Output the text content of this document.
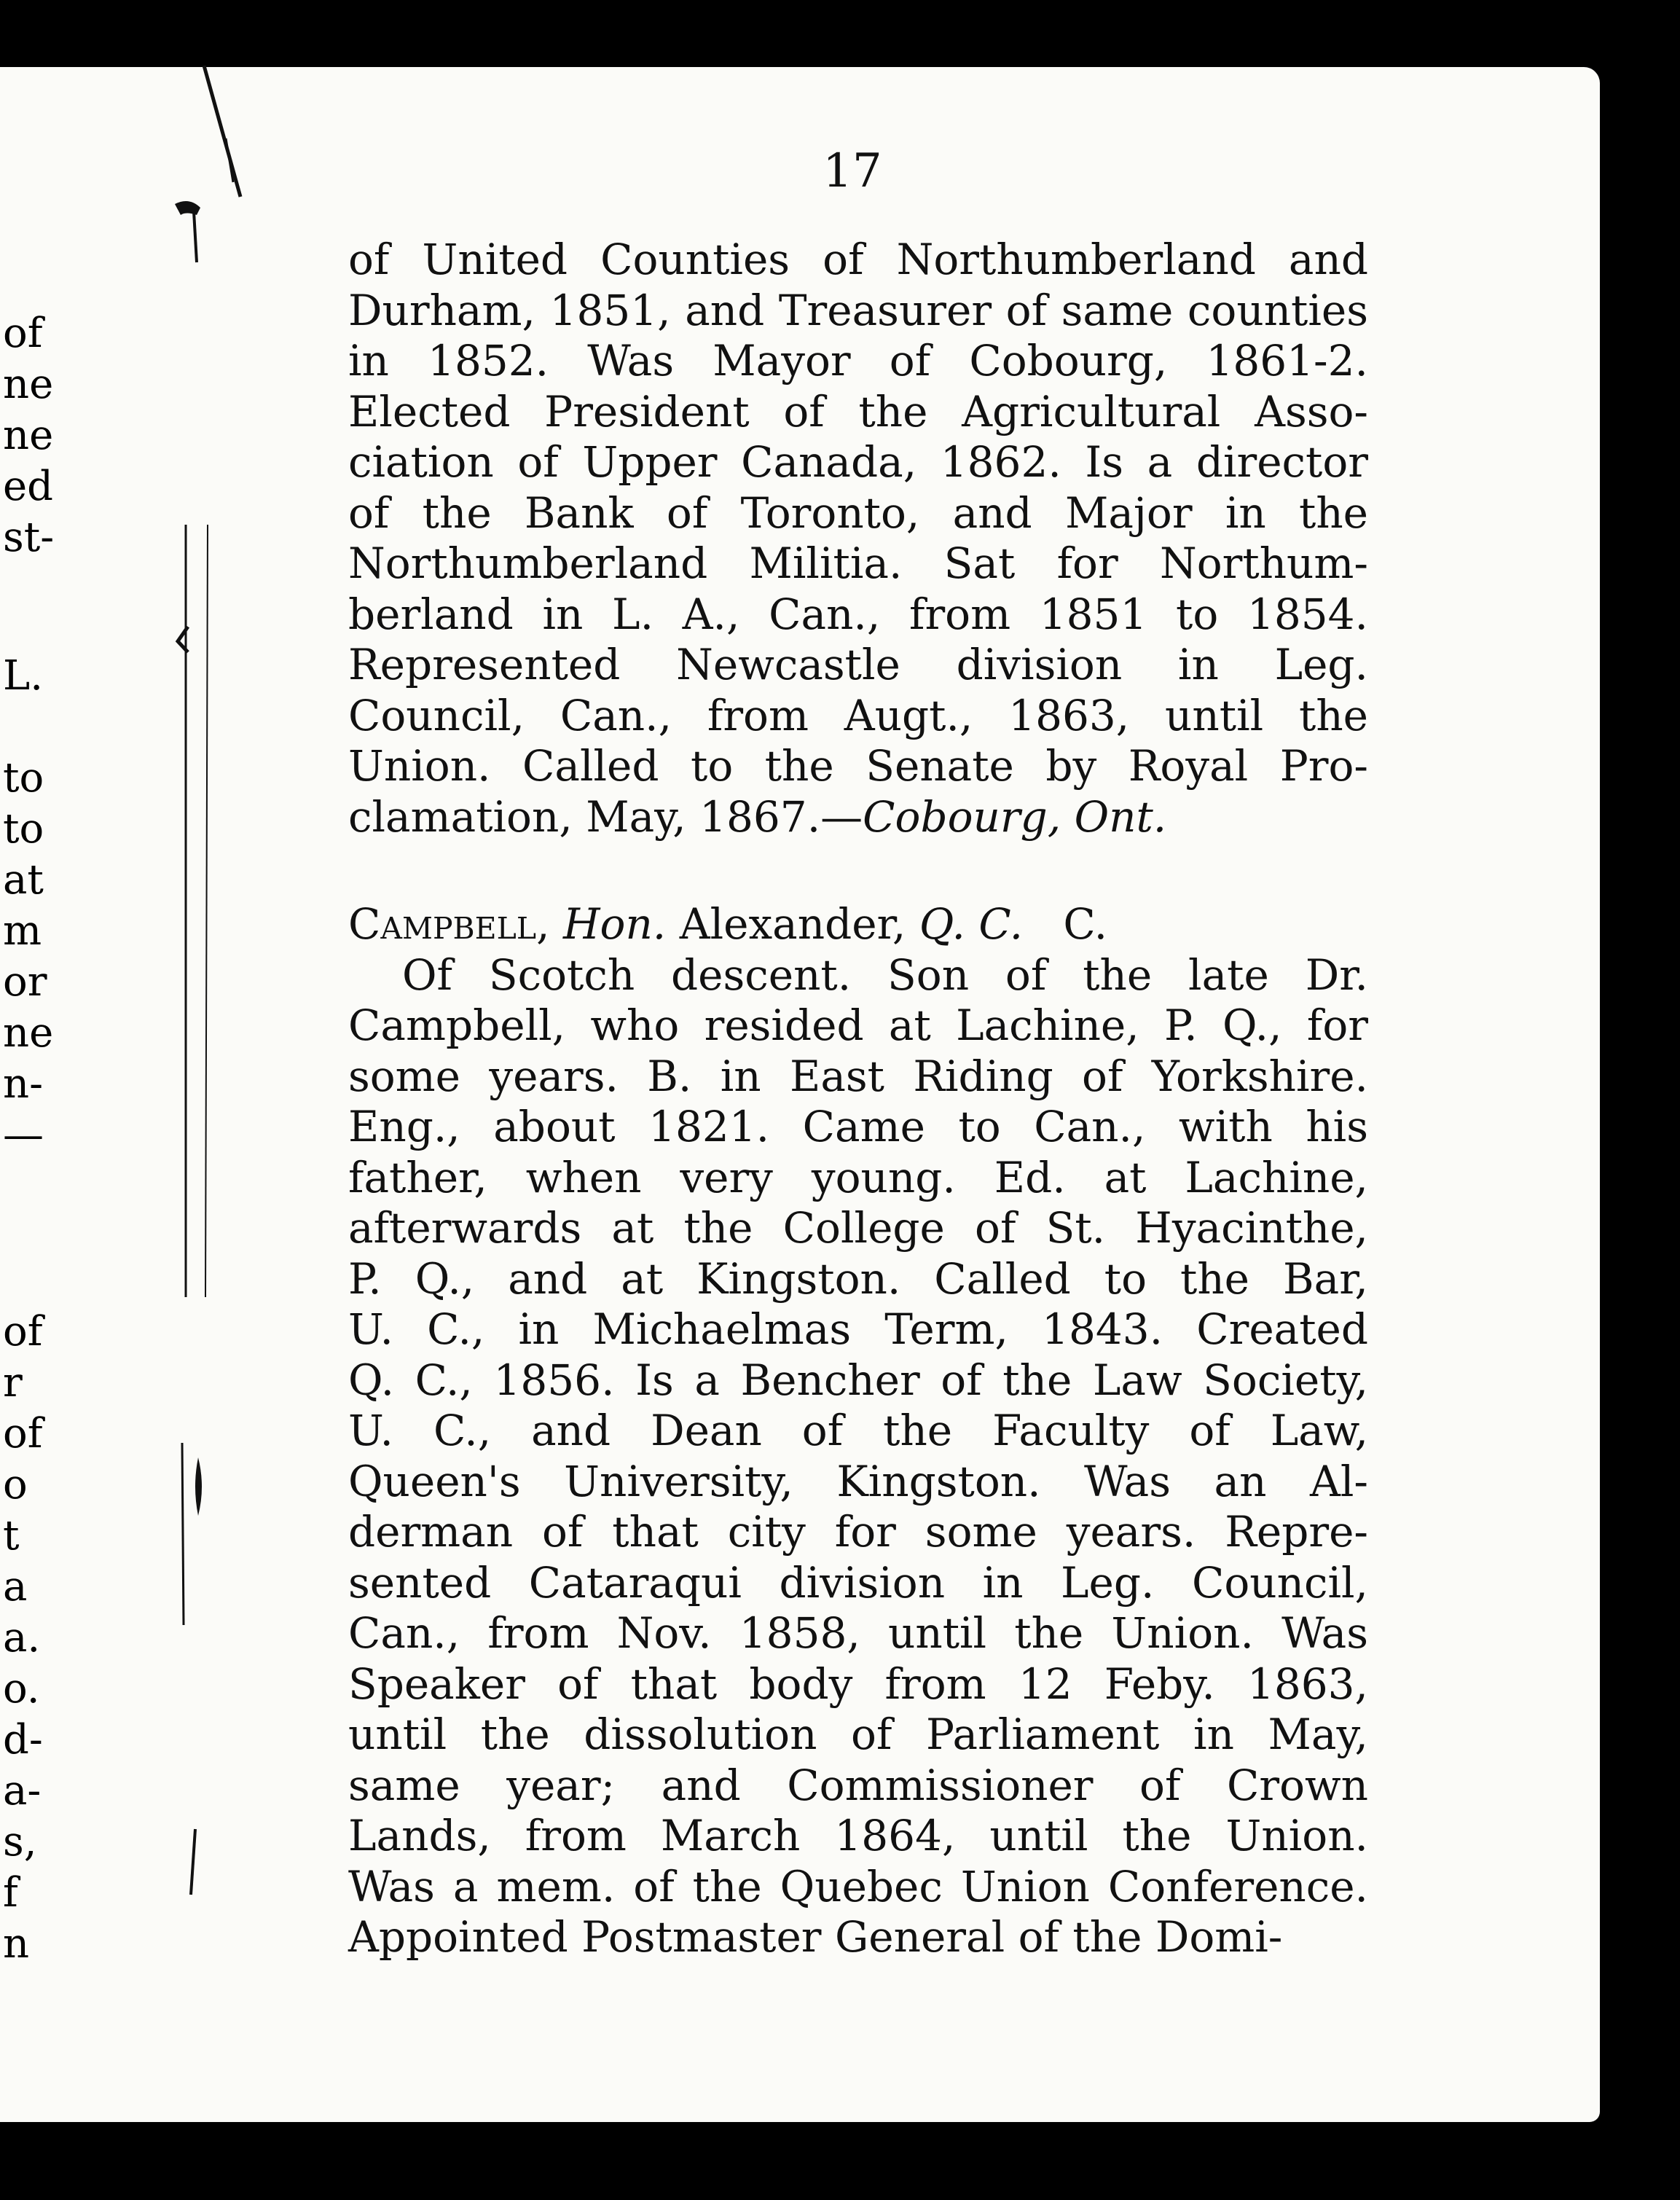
of
ne
ne
ed
st-
L.
to
to
at
m
or
ne
n-
—
of
r
of
o
t
a
a.
o.
d-
a-
s,
f
n
17
of United Counties of Northumberland and
Durham, 1851, and Treasurer of same counties
in 1852. Was Mayor of Cobourg, 1861-2.
Elected President of the Agricultural Asso-
ciation of Upper Canada, 1862. Is a director
of the Bank of Toronto, and Major in the
Northumberland Militia. Sat for Northum-
berland in L. A., Can., from 1851 to 1854.
Represented Newcastle division in Leg.
Council, Can., from Augt., 1863, until the
Union. Called to the Senate by Royal Pro-
clamation, May, 1867.—Cobourg, Ont.
Campbell, Hon. Alexander, Q. C. C.
Of Scotch descent. Son of the late Dr.
Campbell, who resided at Lachine, P. Q., for
some years. B. in East Riding of Yorkshire.
Eng., about 1821. Came to Can., with his
father, when very young. Ed. at Lachine,
afterwards at the College of St. Hyacinthe,
P. Q., and at Kingston. Called to the Bar,
U. C., in Michaelmas Term, 1843. Created
Q. C., 1856. Is a Bencher of the Law Society,
U. C., and Dean of the Faculty of Law,
Queen's University, Kingston. Was an Al-
derman of that city for some years. Repre-
sented Cataraqui division in Leg. Council,
Can., from Nov. 1858, until the Union. Was
Speaker of that body from 12 Feby. 1863,
until the dissolution of Parliament in May,
same year; and Commissioner of Crown
Lands, from March 1864, until the Union.
Was a mem. of the Quebec Union Conference.
Appointed Postmaster General of the Domi-
